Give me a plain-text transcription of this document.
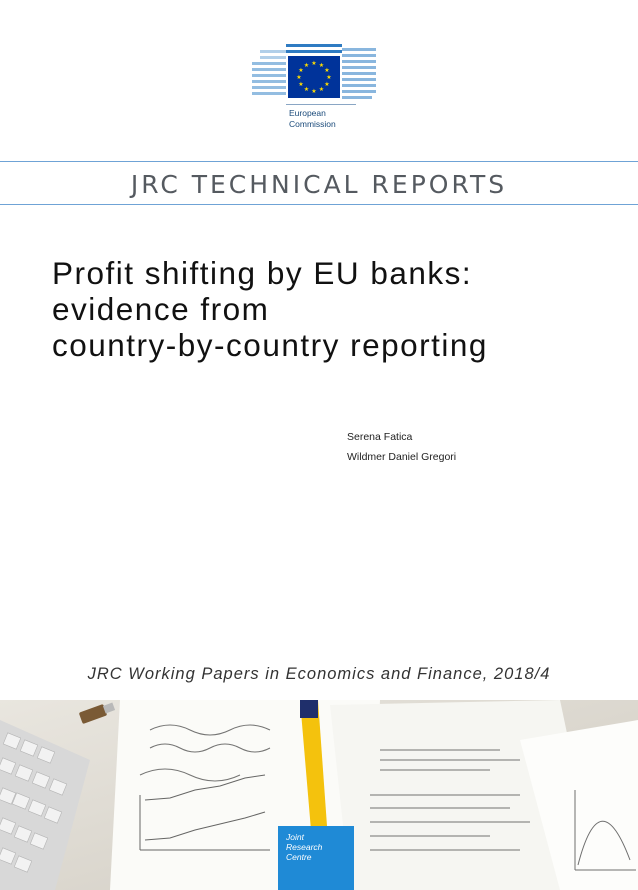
★ ★
★
★
★
★
★
★
★
★
★
★
European
Commission
JRC TECHNICAL REPORTS
Profit shifting by EU banks:
evidence from
country-by-country reporting
Serena Fatica
Wildmer Daniel Gregori
JRC Working Papers in Economics and Finance, 2018/4
Joint
Research
Centre
